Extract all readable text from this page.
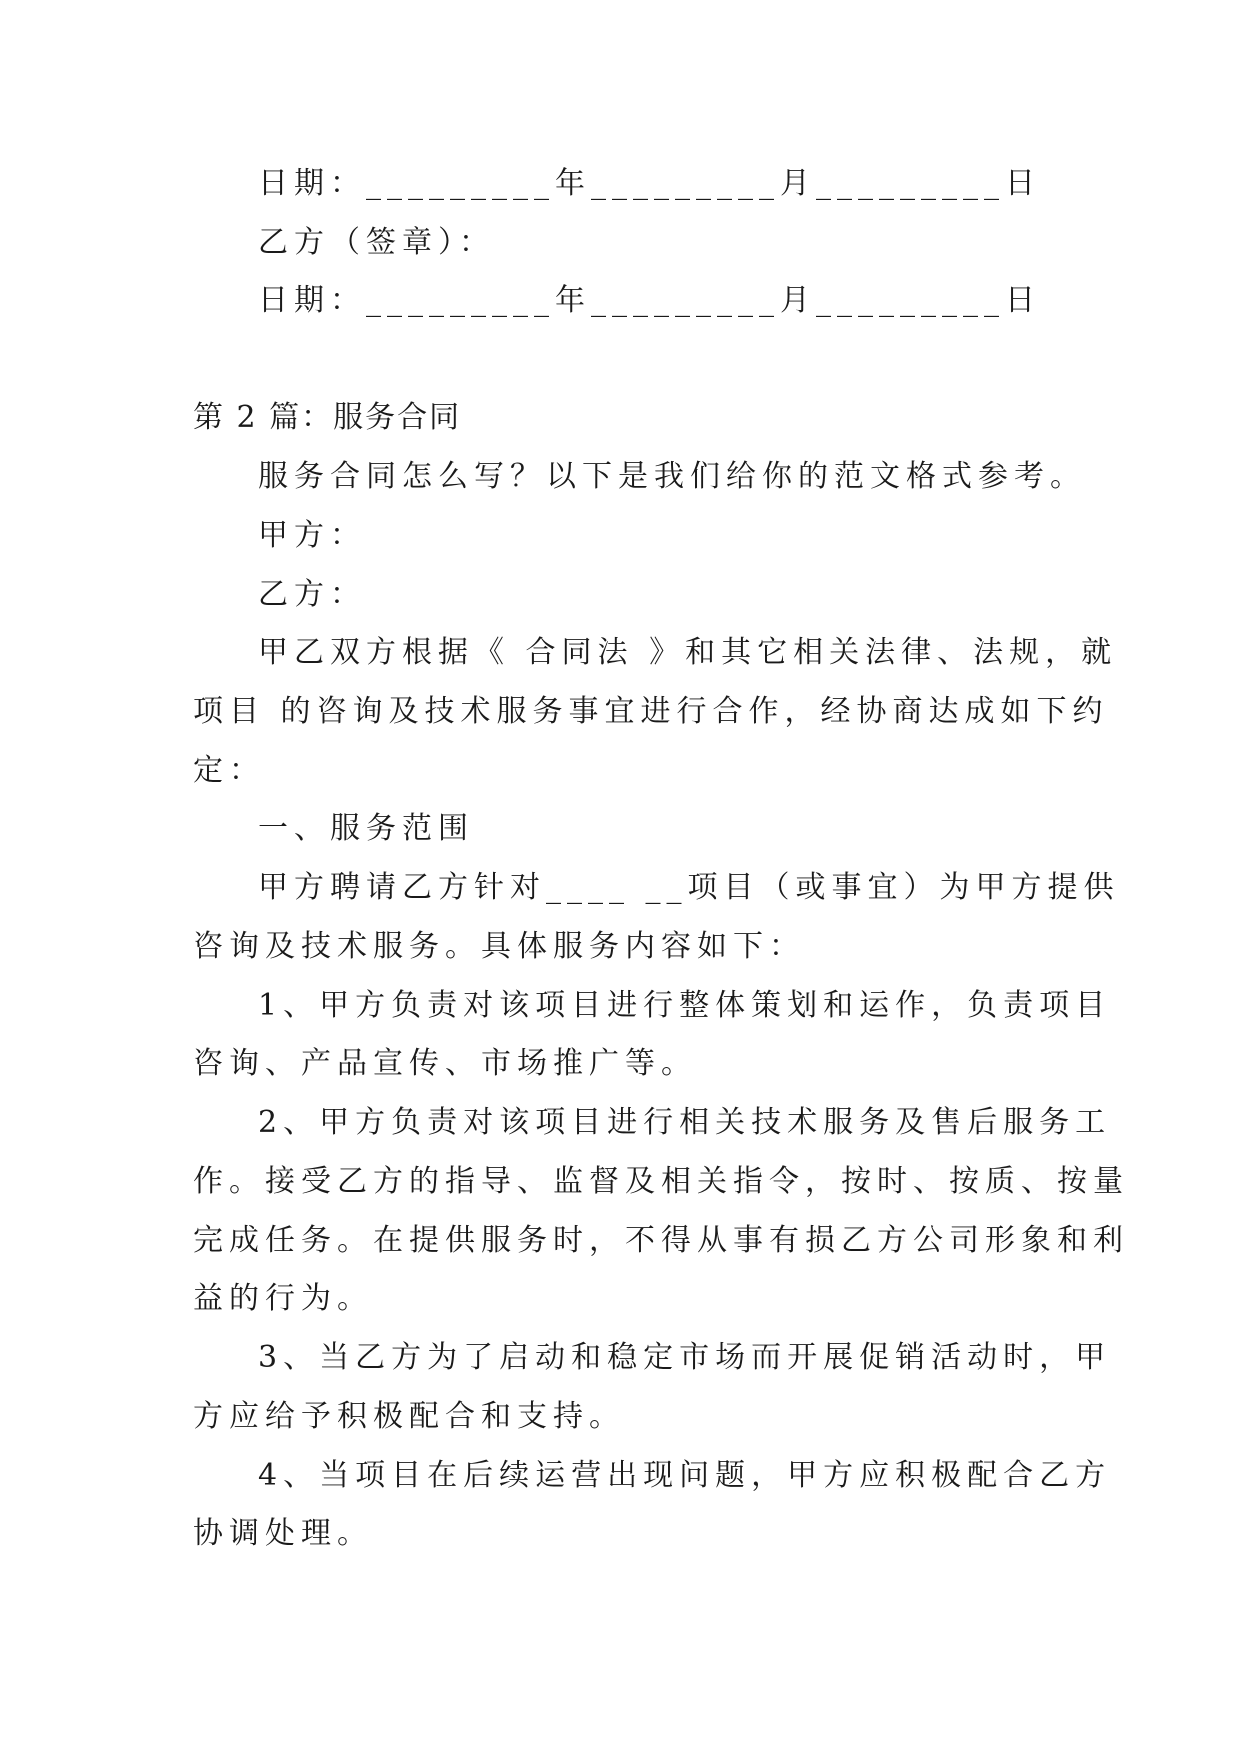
日期：_________年_________月_________日
乙方（签章）：
日期：_________年_________月_________日
第 2 篇：服务合同
服务合同怎么写？以下是我们给你的范文格式参考。
甲方：
乙方：
甲乙双方根据《 合同法 》和其它相关法律、法规，就
项目 的咨询及技术服务事宜进行合作，经协商达成如下约
定：
一、服务范围
甲方聘请乙方针对____ __项目（或事宜）为甲方提供
咨询及技术服务。具体服务内容如下：
1、甲方负责对该项目进行整体策划和运作，负责项目
咨询、产品宣传、市场推广等。
2、甲方负责对该项目进行相关技术服务及售后服务工
作。接受乙方的指导、监督及相关指令，按时、按质、按量
完成任务。在提供服务时，不得从事有损乙方公司形象和利
益的行为。
3、当乙方为了启动和稳定市场而开展促销活动时，甲
方应给予积极配合和支持。
4、当项目在后续运营出现问题，甲方应积极配合乙方
协调处理。
